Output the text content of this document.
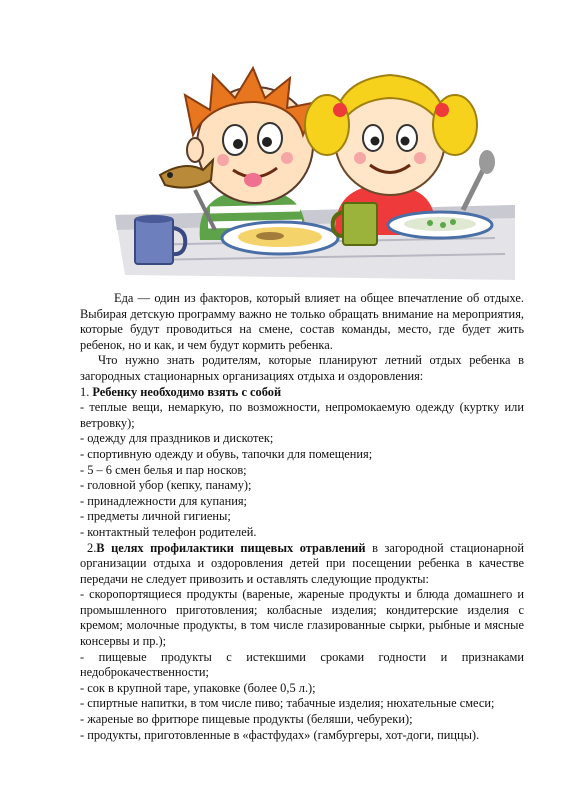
Еда — один из факторов, который влияет на общее впечатление об отдыхе. Выбирая детскую программу важно не только обращать внимание на мероприятия, которые будут проводиться на смене, состав команды, место, где будет жить ребенок, но и как, и чем будут кормить ребенка.

Что нужно знать родителям, которые планируют летний отдых ребенка в загородных стационарных организациях отдыха и оздоровления:

1. Ребенку необходимо взять с собой

- теплые вещи, немаркую, по возможности, непромокаемую одежду (куртку или ветровку);

- одежду для праздников и дискотек;

- спортивную одежду и обувь, тапочки для помещения;

- 5 – 6 смен белья и пар носков;

- головной убор (кепку, панаму);

- принадлежности для купания;

- предметы личной гигиены;

- контактный телефон родителей.

2.В целях профилактики пищевых отравлений в загородной стационарной организации отдыха и оздоровления детей при посещении ребенка в качестве передачи не следует привозить и оставлять следующие продукты:

- скоропортящиеся продукты (вареные, жареные продукты и блюда домашнего и промышленного приготовления; колбасные изделия; кондитерские изделия с кремом; молочные продукты, в том числе глазированные сырки, рыбные и мясные консервы и пр.);

- пищевые продукты с истекшими сроками годности и признаками недоброкачественности;

- сок в крупной таре, упаковке (более 0,5 л.);

- спиртные напитки, в том числе пиво; табачные изделия; нюхательные смеси;

- жареные во фритюре пищевые продукты (беляши, чебуреки);

- продукты, приготовленные в «фастфудах» (гамбургеры, хот-доги, пиццы).
